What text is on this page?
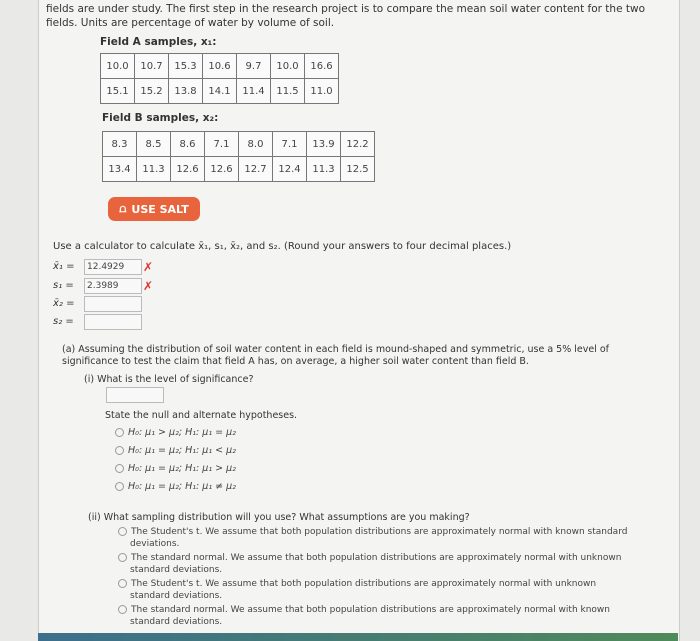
fields are under study. The first step in the research project is to compare the mean soil water content for the two fields. Units are percentage of water by volume of soil.
Field A samples, x₁:
10.0	10.7	15.3	10.6	9.7	10.0	16.6
15.1	15.2	13.8	14.1	11.4	11.5	11.0
Field B samples, x₂:
8.3	8.5	8.6	7.1	8.0	7.1	13.9	12.2
13.4	11.3	12.6	12.6	12.7	12.4	11.3	12.5
⩍ USE SALT
Use a calculator to calculate x̄₁, s₁, x̄₂, and s₂. (Round your answers to four decimal places.)
x̄₁ =	12.4929	✗
s₁ =	2.3989	✗
x̄₂ =
s₂ =
(a) Assuming the distribution of soil water content in each field is mound-shaped and symmetric, use a 5% level of significance to test the claim that field A has, on average, a higher soil water content than field B.
(i) What is the level of significance?
State the null and alternate hypotheses.
H₀: μ₁ > μ₂; H₁: μ₁ = μ₂
H₀: μ₁ = μ₂; H₁: μ₁ < μ₂
H₀: μ₁ = μ₂; H₁: μ₁ > μ₂
H₀: μ₁ = μ₂; H₁: μ₁ ≠ μ₂
(ii) What sampling distribution will you use? What assumptions are you making?
The Student's t. We assume that both population distributions are approximately normal with known standard deviations.
The standard normal. We assume that both population distributions are approximately normal with unknown standard deviations.
The Student's t. We assume that both population distributions are approximately normal with unknown standard deviations.
The standard normal. We assume that both population distributions are approximately normal with known standard deviations.
